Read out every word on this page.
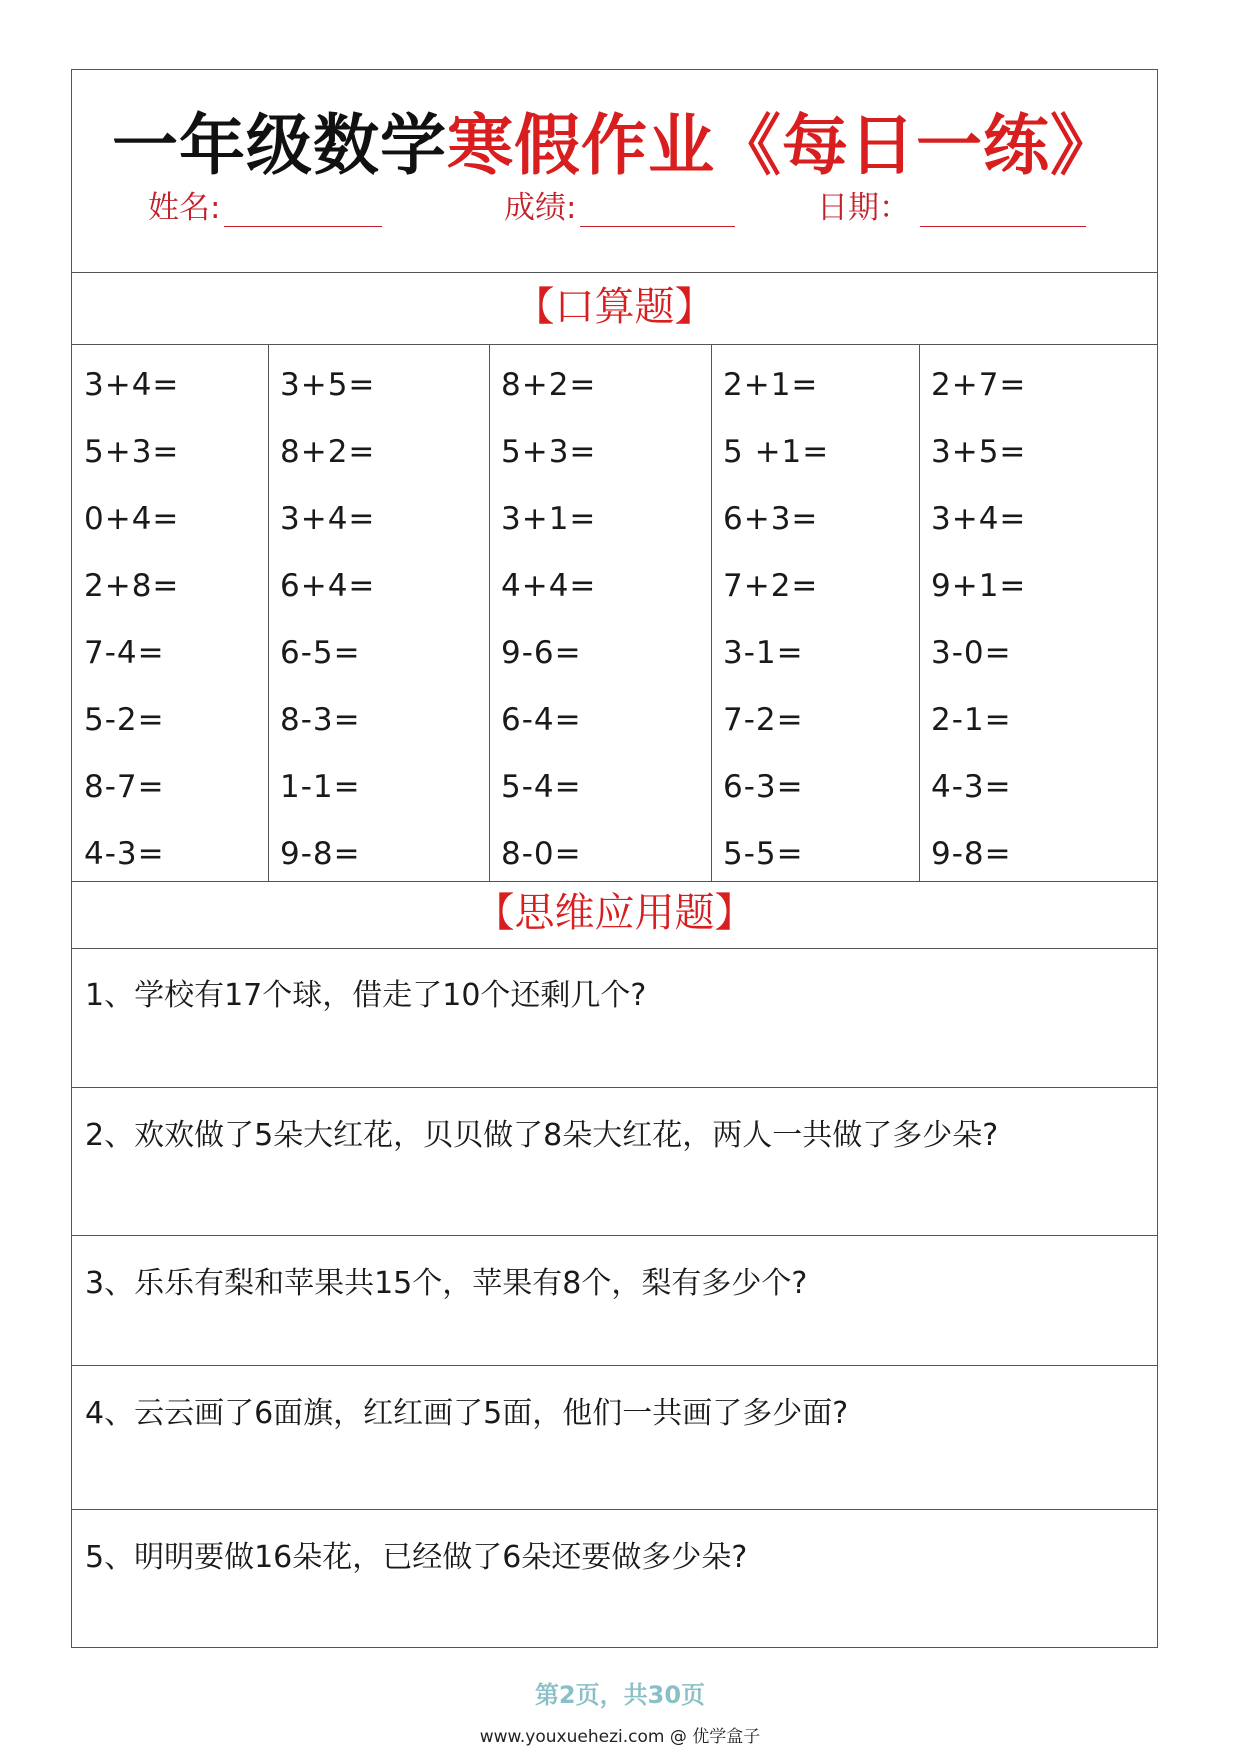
一年级数学寒假作业《每日一练》
姓名:	成绩:	日期：
【口算题】
3+4=
5+3=
0+4=
2+8=
7-4=
5-2=
8-7=
4-3=
3+5=
8+2=
3+4=
6+4=
6-5=
8-3=
1-1=
9-8=
8+2=
5+3=
3+1=
4+4=
9-6=
6-4=
5-4=
8-0=
2+1=
5 +1=
6+3=
7+2=
3-1=
7-2=
6-3=
5-5=
2+7=
3+5=
3+4=
9+1=
3-0=
2-1=
4-3=
9-8=
【思维应用题】
1、学校有17个球，借走了10个还剩几个?
2、欢欢做了5朵大红花，贝贝做了8朵大红花，两人一共做了多少朵?
3、乐乐有梨和苹果共15个，苹果有8个，梨有多少个?
4、云云画了6面旗，红红画了5面，他们一共画了多少面?
5、明明要做16朵花，已经做了6朵还要做多少朵?
第2页，共30页
www.youxuehezi.com @ 优学盒子
